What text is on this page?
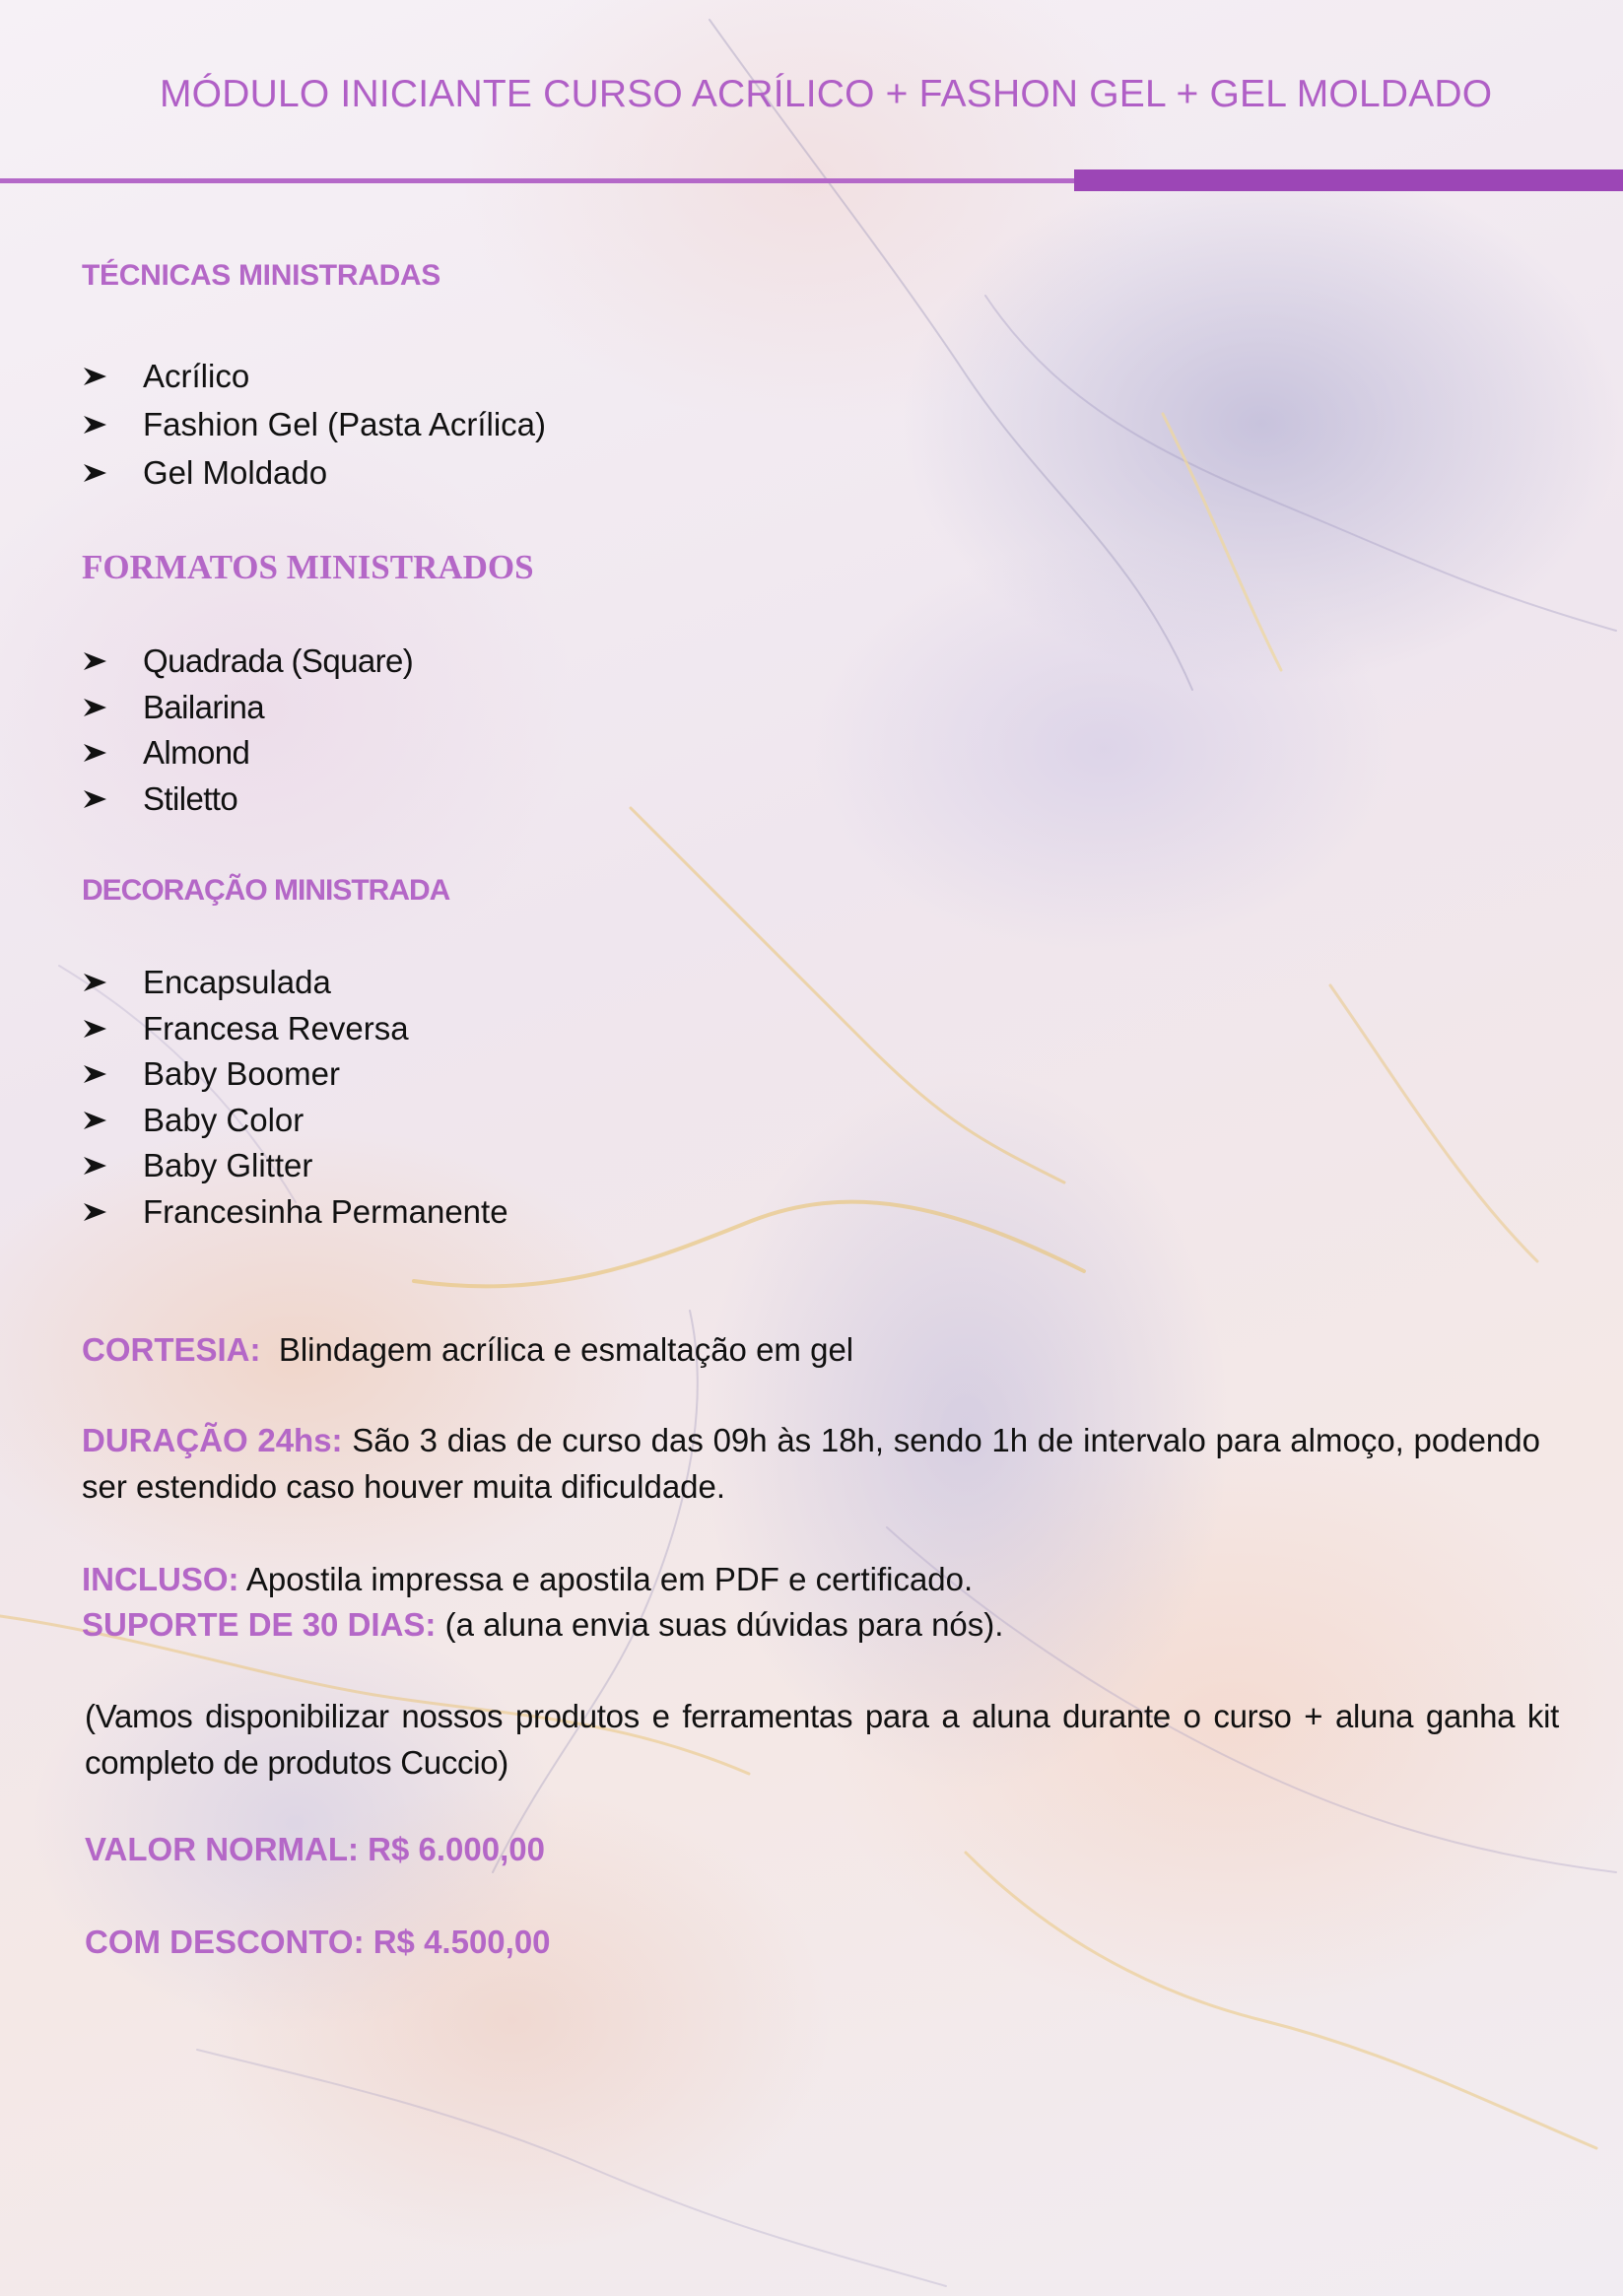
MÓDULO INICIANTE CURSO ACRÍLICO + FASHON GEL + GEL MOLDADO
TÉCNICAS MINISTRADAS
Acrílico
Fashion Gel (Pasta Acrílica)
Gel Moldado
FORMATOS MINISTRADOS
Quadrada (Square)
Bailarina
Almond
Stiletto
DECORAÇÃO MINISTRADA
Encapsulada
Francesa Reversa
Baby Boomer
Baby Color
Baby Glitter
Francesinha Permanente
CORTESIA: Blindagem acrílica e esmaltação em gel
DURAÇÃO 24hs: São 3 dias de curso das 09h às 18h, sendo 1h de intervalo para almoço, podendo ser estendido caso houver muita dificuldade.
INCLUSO: Apostila impressa e apostila em PDF e certificado.
SUPORTE DE 30 DIAS: (a aluna envia suas dúvidas para nós).
(Vamos disponibilizar nossos produtos e ferramentas para a aluna durante o curso + aluna ganha kit completo de produtos Cuccio)
VALOR NORMAL: R$ 6.000,00
COM DESCONTO: R$ 4.500,00
